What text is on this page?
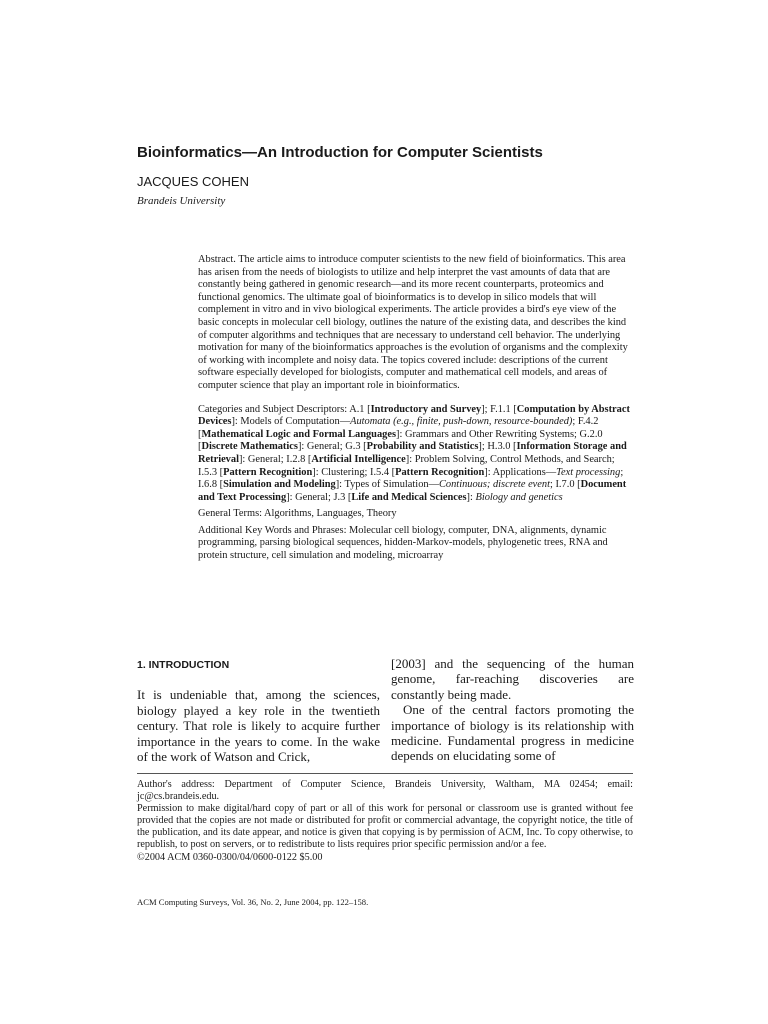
Bioinformatics—An Introduction for Computer Scientists
JACQUES COHEN
Brandeis University

Abstract. The article aims to introduce computer scientists to the new field of bioinformatics. This area has arisen from the needs of biologists to utilize and help interpret the vast amounts of data that are constantly being gathered in genomic research—and its more recent counterparts, proteomics and functional genomics. The ultimate goal of bioinformatics is to develop in silico models that will complement in vitro and in vivo biological experiments. The article provides a bird's eye view of the basic concepts in molecular cell biology, outlines the nature of the existing data, and describes the kind of computer algorithms and techniques that are necessary to understand cell behavior. The underlying motivation for many of the bioinformatics approaches is the evolution of organisms and the complexity of working with incomplete and noisy data. The topics covered include: descriptions of the current software especially developed for biologists, computer and mathematical cell models, and areas of computer science that play an important role in bioinformatics.

Categories and Subject Descriptors: A.1 [Introductory and Survey]; F.1.1 [Computation by Abstract Devices]: Models of Computation—Automata (e.g., finite, push-down, resource-bounded); F.4.2 [Mathematical Logic and Formal Languages]: Grammars and Other Rewriting Systems; G.2.0 [Discrete Mathematics]: General; G.3 [Probability and Statistics]; H.3.0 [Information Storage and Retrieval]: General; I.2.8 [Artificial Intelligence]: Problem Solving, Control Methods, and Search; I.5.3 [Pattern Recognition]: Clustering; I.5.4 [Pattern Recognition]: Applications—Text processing; I.6.8 [Simulation and Modeling]: Types of Simulation—Continuous; discrete event; I.7.0 [Document and Text Processing]: General; J.3 [Life and Medical Sciences]: Biology and genetics

General Terms: Algorithms, Languages, Theory

Additional Key Words and Phrases: Molecular cell biology, computer, DNA, alignments, dynamic programming, parsing biological sequences, hidden-Markov-models, phylogenetic trees, RNA and protein structure, cell simulation and modeling, microarray

1. INTRODUCTION

It is undeniable that, among the sciences, biology played a key role in the twentieth century. That role is likely to acquire further importance in the years to come. In the wake of the work of Watson and Crick,

[2003] and the sequencing of the human genome, far-reaching discoveries are constantly being made.

One of the central factors promoting the importance of biology is its relationship with medicine. Fundamental progress in medicine depends on elucidating some of

Author's address: Department of Computer Science, Brandeis University, Waltham, MA 02454; email: jc@cs.brandeis.edu.

Permission to make digital/hard copy of part or all of this work for personal or classroom use is granted without fee provided that the copies are not made or distributed for profit or commercial advantage, the copyright notice, the title of the publication, and its date appear, and notice is given that copying is by permission of ACM, Inc. To copy otherwise, to republish, to post on servers, or to redistribute to lists requires prior specific permission and/or a fee.

©2004 ACM 0360-0300/04/0600-0122 $5.00

ACM Computing Surveys, Vol. 36, No. 2, June 2004, pp. 122–158.
